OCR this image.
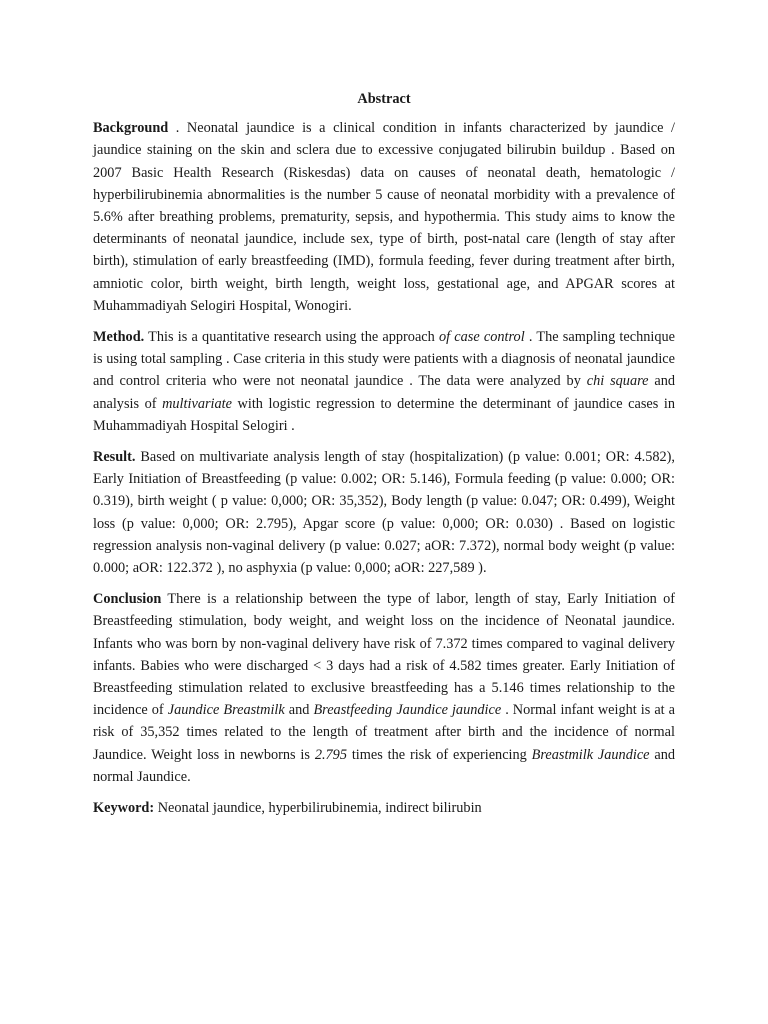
Abstract

Background . Neonatal jaundice is a clinical condition in infants characterized by jaundice / jaundice staining on the skin and sclera due to excessive conjugated bilirubin buildup . Based on 2007 Basic Health Research (Riskesdas) data on causes of neonatal death, hematologic / hyperbilirubinemia abnormalities is the number 5 cause of neonatal morbidity with a prevalence of 5.6% after breathing problems, prematurity, sepsis, and hypothermia. This study aims to know the determinants of neonatal jaundice, include sex, type of birth, post-natal care (length of stay after birth), stimulation of early breastfeeding (IMD), formula feeding, fever during treatment after birth, amniotic color, birth weight, birth length, weight loss, gestational age, and APGAR scores at Muhammadiyah Selogiri Hospital, Wonogiri.

Method. This is a quantitative research using the approach of case control . The sampling technique is using total sampling . Case criteria in this study were patients with a diagnosis of neonatal jaundice and control criteria who were not neonatal jaundice . The data were analyzed by chi square and analysis of multivariate with logistic regression to determine the determinant of jaundice cases in Muhammadiyah Hospital Selogiri .

Result. Based on multivariate analysis length of stay (hospitalization) (p value: 0.001; OR: 4.582), Early Initiation of Breastfeeding (p value: 0.002; OR: 5.146), Formula feeding (p value: 0.000; OR: 0.319), birth weight ( p value: 0,000; OR: 35,352), Body length (p value: 0.047; OR: 0.499), Weight loss (p value: 0,000; OR: 2.795), Apgar score (p value: 0,000; OR: 0.030) . Based on logistic regression analysis non-vaginal delivery (p value: 0.027; aOR: 7.372), normal body weight (p value: 0.000; aOR: 122.372 ), no asphyxia (p value: 0,000; aOR: 227,589 ).

Conclusion There is a relationship between the type of labor, length of stay, Early Initiation of Breastfeeding stimulation, body weight, and weight loss on the incidence of Neonatal jaundice. Infants who was born by non-vaginal delivery have risk of 7.372 times compared to vaginal delivery infants. Babies who were discharged < 3 days had a risk of 4.582 times greater. Early Initiation of Breastfeeding stimulation related to exclusive breastfeeding has a 5.146 times relationship to the incidence of Jaundice Breastmilk and Breastfeeding Jaundice jaundice . Normal infant weight is at a risk of 35,352 times related to the length of treatment after birth and the incidence of normal Jaundice. Weight loss in newborns is 2.795 times the risk of experiencing Breastmilk Jaundice and normal Jaundice.

Keyword: Neonatal jaundice, hyperbilirubinemia, indirect bilirubin
